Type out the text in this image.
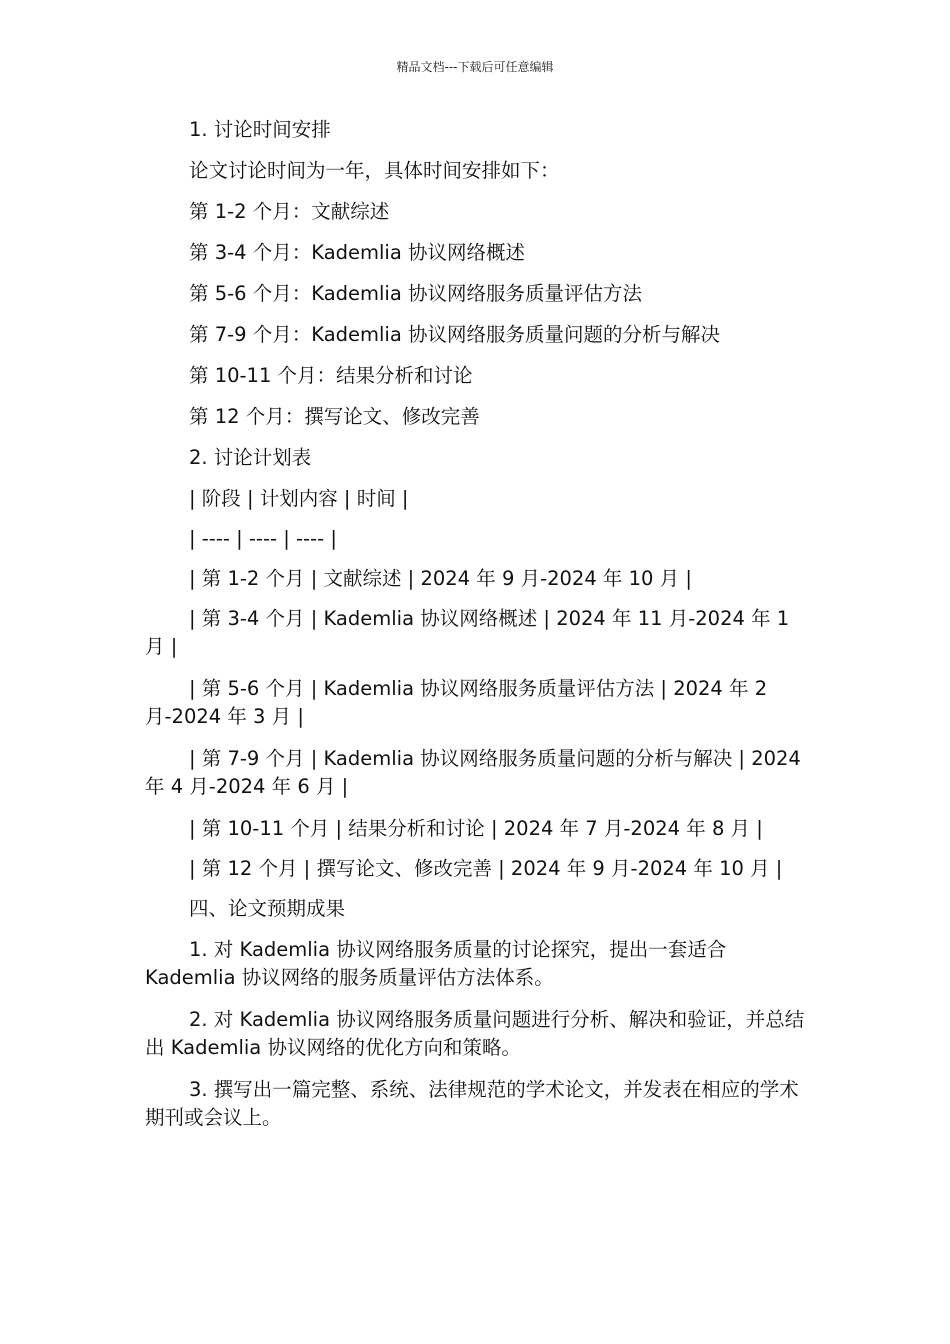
精品文档---下载后可任意编辑

1. 讨论时间安排

论文讨论时间为一年，具体时间安排如下：

第 1-2 个月：文献综述

第 3-4 个月：Kademlia 协议网络概述

第 5-6 个月：Kademlia 协议网络服务质量评估方法

第 7-9 个月：Kademlia 协议网络服务质量问题的分析与解决

第 10-11 个月：结果分析和讨论

第 12 个月：撰写论文、修改完善

2. 讨论计划表

| 阶段 | 计划内容 | 时间 |

| ---- | ---- | ---- |

| 第 1-2 个月 | 文献综述 | 2024 年 9 月-2024 年 10 月 |

| 第 3-4 个月 | Kademlia 协议网络概述 | 2024 年 11 月-2024 年 1 月 |

| 第 5-6 个月 | Kademlia 协议网络服务质量评估方法 | 2024 年 2 月-2024 年 3 月 |

| 第 7-9 个月 | Kademlia 协议网络服务质量问题的分析与解决 | 2024 年 4 月-2024 年 6 月 |

| 第 10-11 个月 | 结果分析和讨论 | 2024 年 7 月-2024 年 8 月 |

| 第 12 个月 | 撰写论文、修改完善 | 2024 年 9 月-2024 年 10 月 |

四、论文预期成果

1. 对 Kademlia 协议网络服务质量的讨论探究，提出一套适合 Kademlia 协议网络的服务质量评估方法体系。

2. 对 Kademlia 协议网络服务质量问题进行分析、解决和验证，并总结出 Kademlia 协议网络的优化方向和策略。

3. 撰写出一篇完整、系统、法律规范的学术论文，并发表在相应的学术期刊或会议上。
